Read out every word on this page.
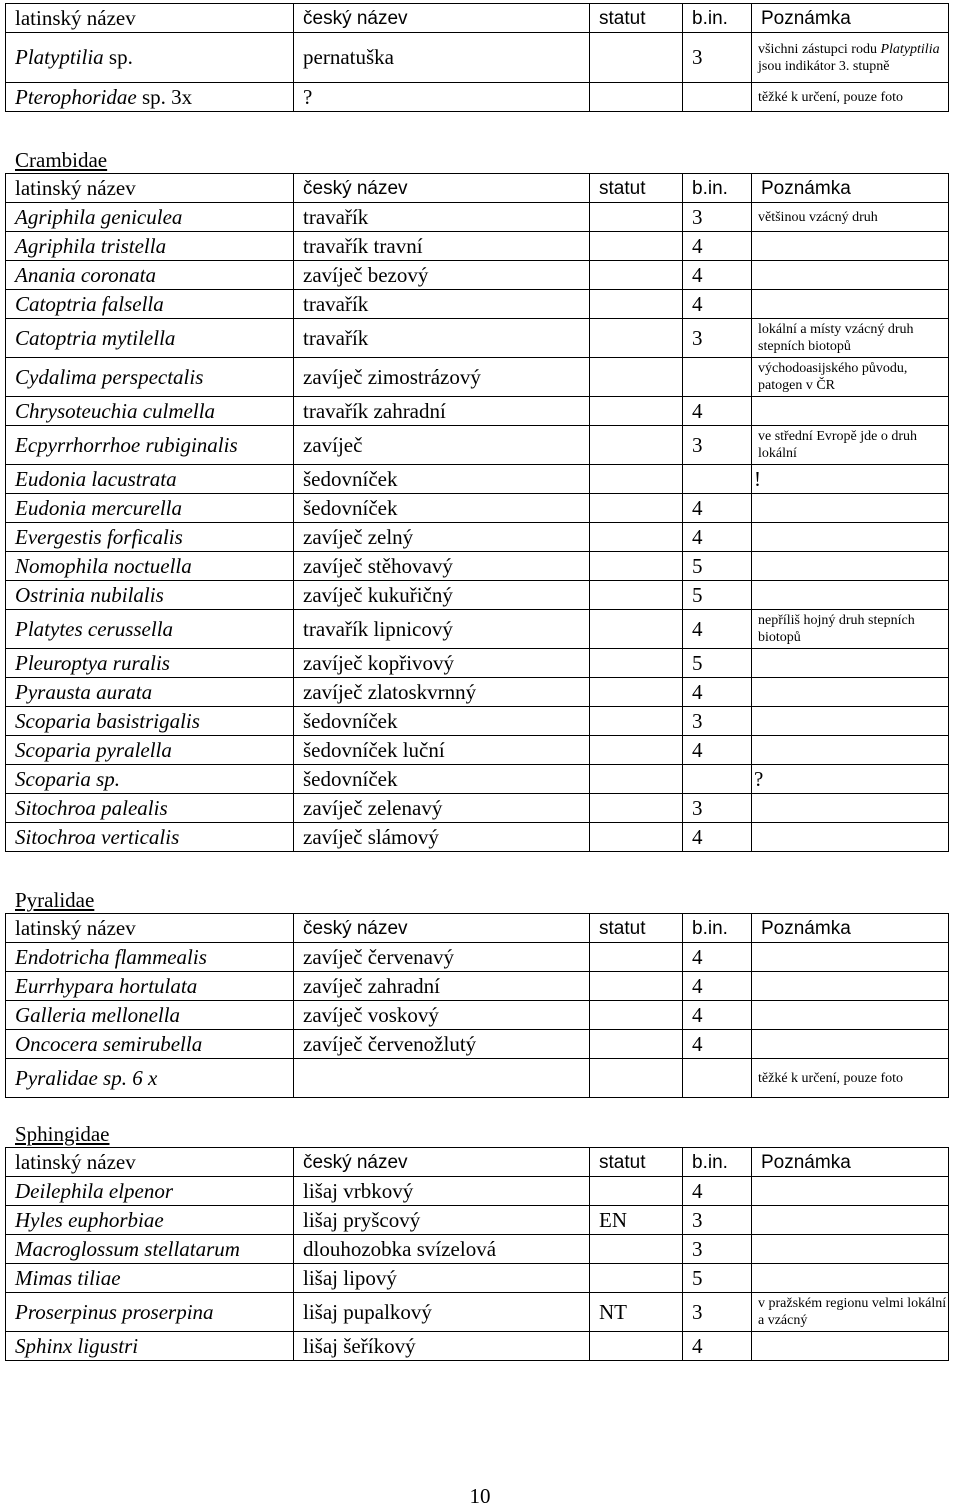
latinský název	český název	statut	b.in.	Poznámka
Platyptilia sp.	pernatuška		3	všichni zástupci rodu Platyptilia jsou indikátor 3. stupně
Pterophoridae sp. 3x	?			těžké k určení, pouze foto
Crambidae
latinský název	český název	statut	b.in.	Poznámka
Agriphila geniculea	travařík		3	většinou vzácný druh
Agriphila tristella	travařík travní		4	
Anania coronata	zavíječ bezový		4	
Catoptria falsella	travařík		4	
Catoptria mytilella	travařík		3	lokální a místy vzácný druh stepních biotopů
Cydalima perspectalis	zavíječ zimostrázový			východoasijského původu, patogen v ČR
Chrysoteuchia culmella	travařík zahradní		4	
Ecpyrrhorrhoe rubiginalis	zavíječ		3	ve střední Evropě jde o druh lokální
Eudonia lacustrata	šedovníček			!
Eudonia mercurella	šedovníček		4	
Evergestis forficalis	zavíječ zelný		4	
Nomophila noctuella	zavíječ stěhovavý		5	
Ostrinia nubilalis	zavíječ kukuřičný		5	
Platytes cerussella	travařík lipnicový		4	nepříliš hojný druh stepních biotopů
Pleuroptya ruralis	zavíječ kopřivový		5	
Pyrausta aurata	zavíječ zlatoskvrnný		4	
Scoparia basistrigalis	šedovníček		3	
Scoparia pyralella	šedovníček luční		4	
Scoparia sp.	šedovníček			?
Sitochroa palealis	zavíječ zelenavý		3	
Sitochroa verticalis	zavíječ slámový		4	
Pyralidae
latinský název	český název	statut	b.in.	Poznámka
Endotricha flammealis	zavíječ červenavý		4	
Eurrhypara hortulata	zavíječ zahradní		4	
Galleria mellonella	zavíječ voskový		4	
Oncocera semirubella	zavíječ červenožlutý		4	
Pyralidae sp. 6 x				těžké k určení, pouze foto
Sphingidae
latinský název	český název	statut	b.in.	Poznámka
Deilephila elpenor	lišaj vrbkový		4	
Hyles euphorbiae	lišaj pryšcový	EN	3	
Macroglossum stellatarum	dlouhozobka svízelová		3	
Mimas tiliae	lišaj lipový		5	
Proserpinus proserpina	lišaj pupalkový	NT	3	v pražském regionu velmi lokální a vzácný
Sphinx ligustri	lišaj šeříkový		4	
10
